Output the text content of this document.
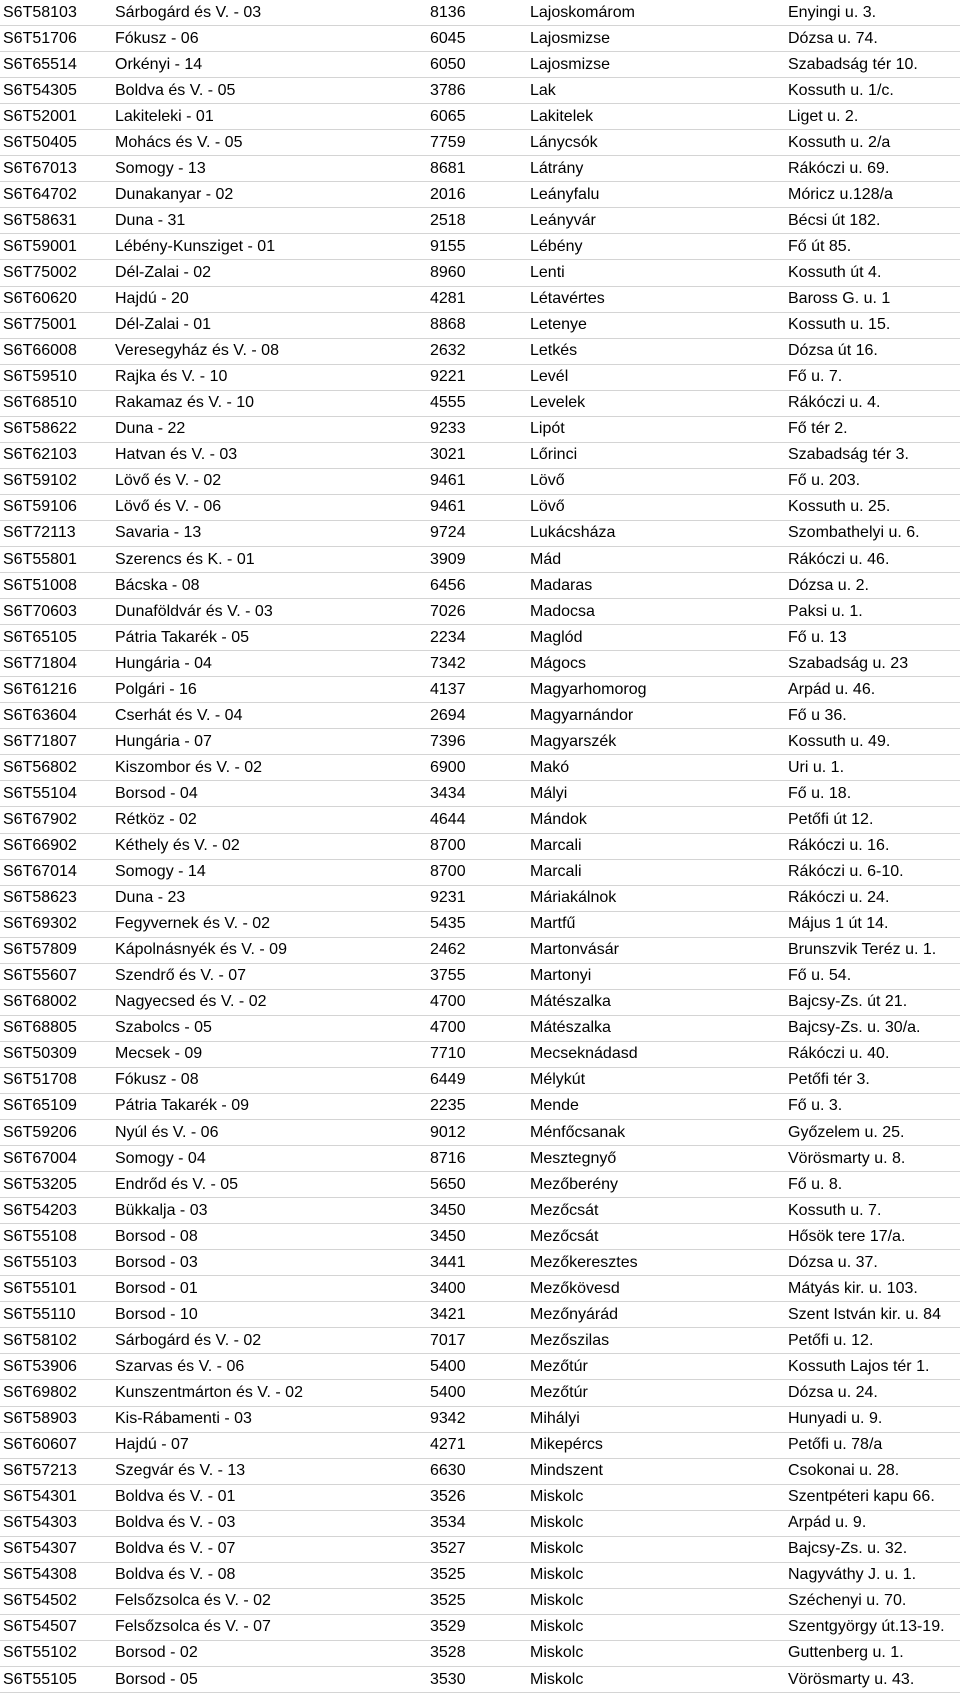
S6T58103	Sárbogárd és V. - 03	8136	Lajoskomárom	Enyingi u. 3.
S6T51706	Fókusz - 06	6045	Lajosmizse	Dózsa u. 74.
S6T65514	Örkényi - 14	6050	Lajosmizse	Szabadság tér 10.
S6T54305	Boldva és V. - 05	3786	Lak	Kossuth u. 1/c.
S6T52001	Lakiteleki - 01	6065	Lakitelek	Liget u. 2.
S6T50405	Mohács és V. - 05	7759	Lánycsók	Kossuth u. 2/a
S6T67013	Somogy - 13	8681	Látrány	Rákóczi u. 69.
S6T64702	Dunakanyar - 02	2016	Leányfalu	Móricz u.128/a
S6T58631	Duna - 31	2518	Leányvár	Bécsi út 182.
S6T59001	Lébény-Kunsziget - 01	9155	Lébény	Fő út 85.
S6T75002	Dél-Zalai - 02	8960	Lenti	Kossuth út 4.
S6T60620	Hajdú - 20	4281	Létavértes	Baross G. u. 1
S6T75001	Dél-Zalai - 01	8868	Letenye	Kossuth u. 15.
S6T66008	Veresegyház és V. - 08	2632	Letkés	Dózsa út 16.
S6T59510	Rajka és V. - 10	9221	Levél	Fő u. 7.
S6T68510	Rakamaz és V. - 10	4555	Levelek	Rákóczi u. 4.
S6T58622	Duna - 22	9233	Lipót	Fő tér 2.
S6T62103	Hatvan és V. - 03	3021	Lőrinci	Szabadság tér 3.
S6T59102	Lövő és V. - 02	9461	Lövő	Fő u. 203.
S6T59106	Lövő és V. - 06	9461	Lövő	Kossuth u. 25.
S6T72113	Savaria - 13	9724	Lukácsháza	Szombathelyi u. 6.
S6T55801	Szerencs és K. - 01	3909	Mád	Rákóczi u. 46.
S6T51008	Bácska - 08	6456	Madaras	Dózsa u. 2.
S6T70603	Dunaföldvár és V. - 03	7026	Madocsa	Paksi u. 1.
S6T65105	Pátria Takarék - 05	2234	Maglód	Fő u. 13
S6T71804	Hungária - 04	7342	Mágocs	Szabadság u. 23
S6T61216	Polgári - 16	4137	Magyarhomorog	Árpád u. 46.
S6T63604	Cserhát és V. - 04	2694	Magyarnándor	Fő u 36.
S6T71807	Hungária - 07	7396	Magyarszék	Kossuth u. 49.
S6T56802	Kiszombor és V. - 02	6900	Makó	Úri u. 1.
S6T55104	Borsod - 04	3434	Mályi	Fő u. 18.
S6T67902	Rétköz - 02	4644	Mándok	Petőfi út 12.
S6T66902	Kéthely és V. - 02	8700	Marcali	Rákóczi u. 16.
S6T67014	Somogy - 14	8700	Marcali	Rákóczi u. 6-10.
S6T58623	Duna - 23	9231	Máriakálnok	Rákóczi u. 24.
S6T69302	Fegyvernek és V. - 02	5435	Martfű	Május 1 út 14.
S6T57809	Kápolnásnyék és V. - 09	2462	Martonvásár	Brunszvik Teréz u. 1.
S6T55607	Szendrő és V. - 07	3755	Martonyi	Fő u. 54.
S6T68002	Nagyecsed és V. - 02	4700	Mátészalka	Bajcsy-Zs. út 21.
S6T68805	Szabolcs - 05	4700	Mátészalka	Bajcsy-Zs. u. 30/a.
S6T50309	Mecsek - 09	7710	Mecseknádasd	Rákóczi u. 40.
S6T51708	Fókusz - 08	6449	Mélykút	Petőfi tér 3.
S6T65109	Pátria Takarék - 09	2235	Mende	Fő u. 3.
S6T59206	Nyúl és V. - 06	9012	Ménfőcsanak	Győzelem u. 25.
S6T67004	Somogy - 04	8716	Mesztegnyő	Vörösmarty u. 8.
S6T53205	Endrőd és V. - 05	5650	Mezőberény	Fő u. 8.
S6T54203	Bükkalja - 03	3450	Mezőcsát	Kossuth u. 7.
S6T55108	Borsod - 08	3450	Mezőcsát	Hősök tere 17/a.
S6T55103	Borsod - 03	3441	Mezőkeresztes	Dózsa u. 37.
S6T55101	Borsod - 01	3400	Mezőkövesd	Mátyás kir. u. 103.
S6T55110	Borsod - 10	3421	Mezőnyárád	Szent István kir. u. 84
S6T58102	Sárbogárd és V. - 02	7017	Mezőszilas	Petőfi u. 12.
S6T53906	Szarvas és V. - 06	5400	Mezőtúr	Kossuth Lajos tér 1.
S6T69802	Kunszentmárton és V. - 02	5400	Mezőtúr	Dózsa u. 24.
S6T58903	Kis-Rábamenti - 03	9342	Mihályi	Hunyadi u. 9.
S6T60607	Hajdú - 07	4271	Mikepércs	Petőfi u. 78/a
S6T57213	Szegvár és V. - 13	6630	Mindszent	Csokonai u. 28.
S6T54301	Boldva és V. - 01	3526	Miskolc	Szentpéteri kapu 66.
S6T54303	Boldva és V. - 03	3534	Miskolc	Árpád u. 9.
S6T54307	Boldva és V. - 07	3527	Miskolc	Bajcsy-Zs. u. 32.
S6T54308	Boldva és V. - 08	3525	Miskolc	Nagyváthy J. u. 1.
S6T54502	Felsőzsolca és V. - 02	3525	Miskolc	Széchenyi u. 70.
S6T54507	Felsőzsolca és V. - 07	3529	Miskolc	Szentgyörgy út.13-19.
S6T55102	Borsod - 02	3528	Miskolc	Guttenberg u. 1.
S6T55105	Borsod - 05	3530	Miskolc	Vörösmarty u. 43.
